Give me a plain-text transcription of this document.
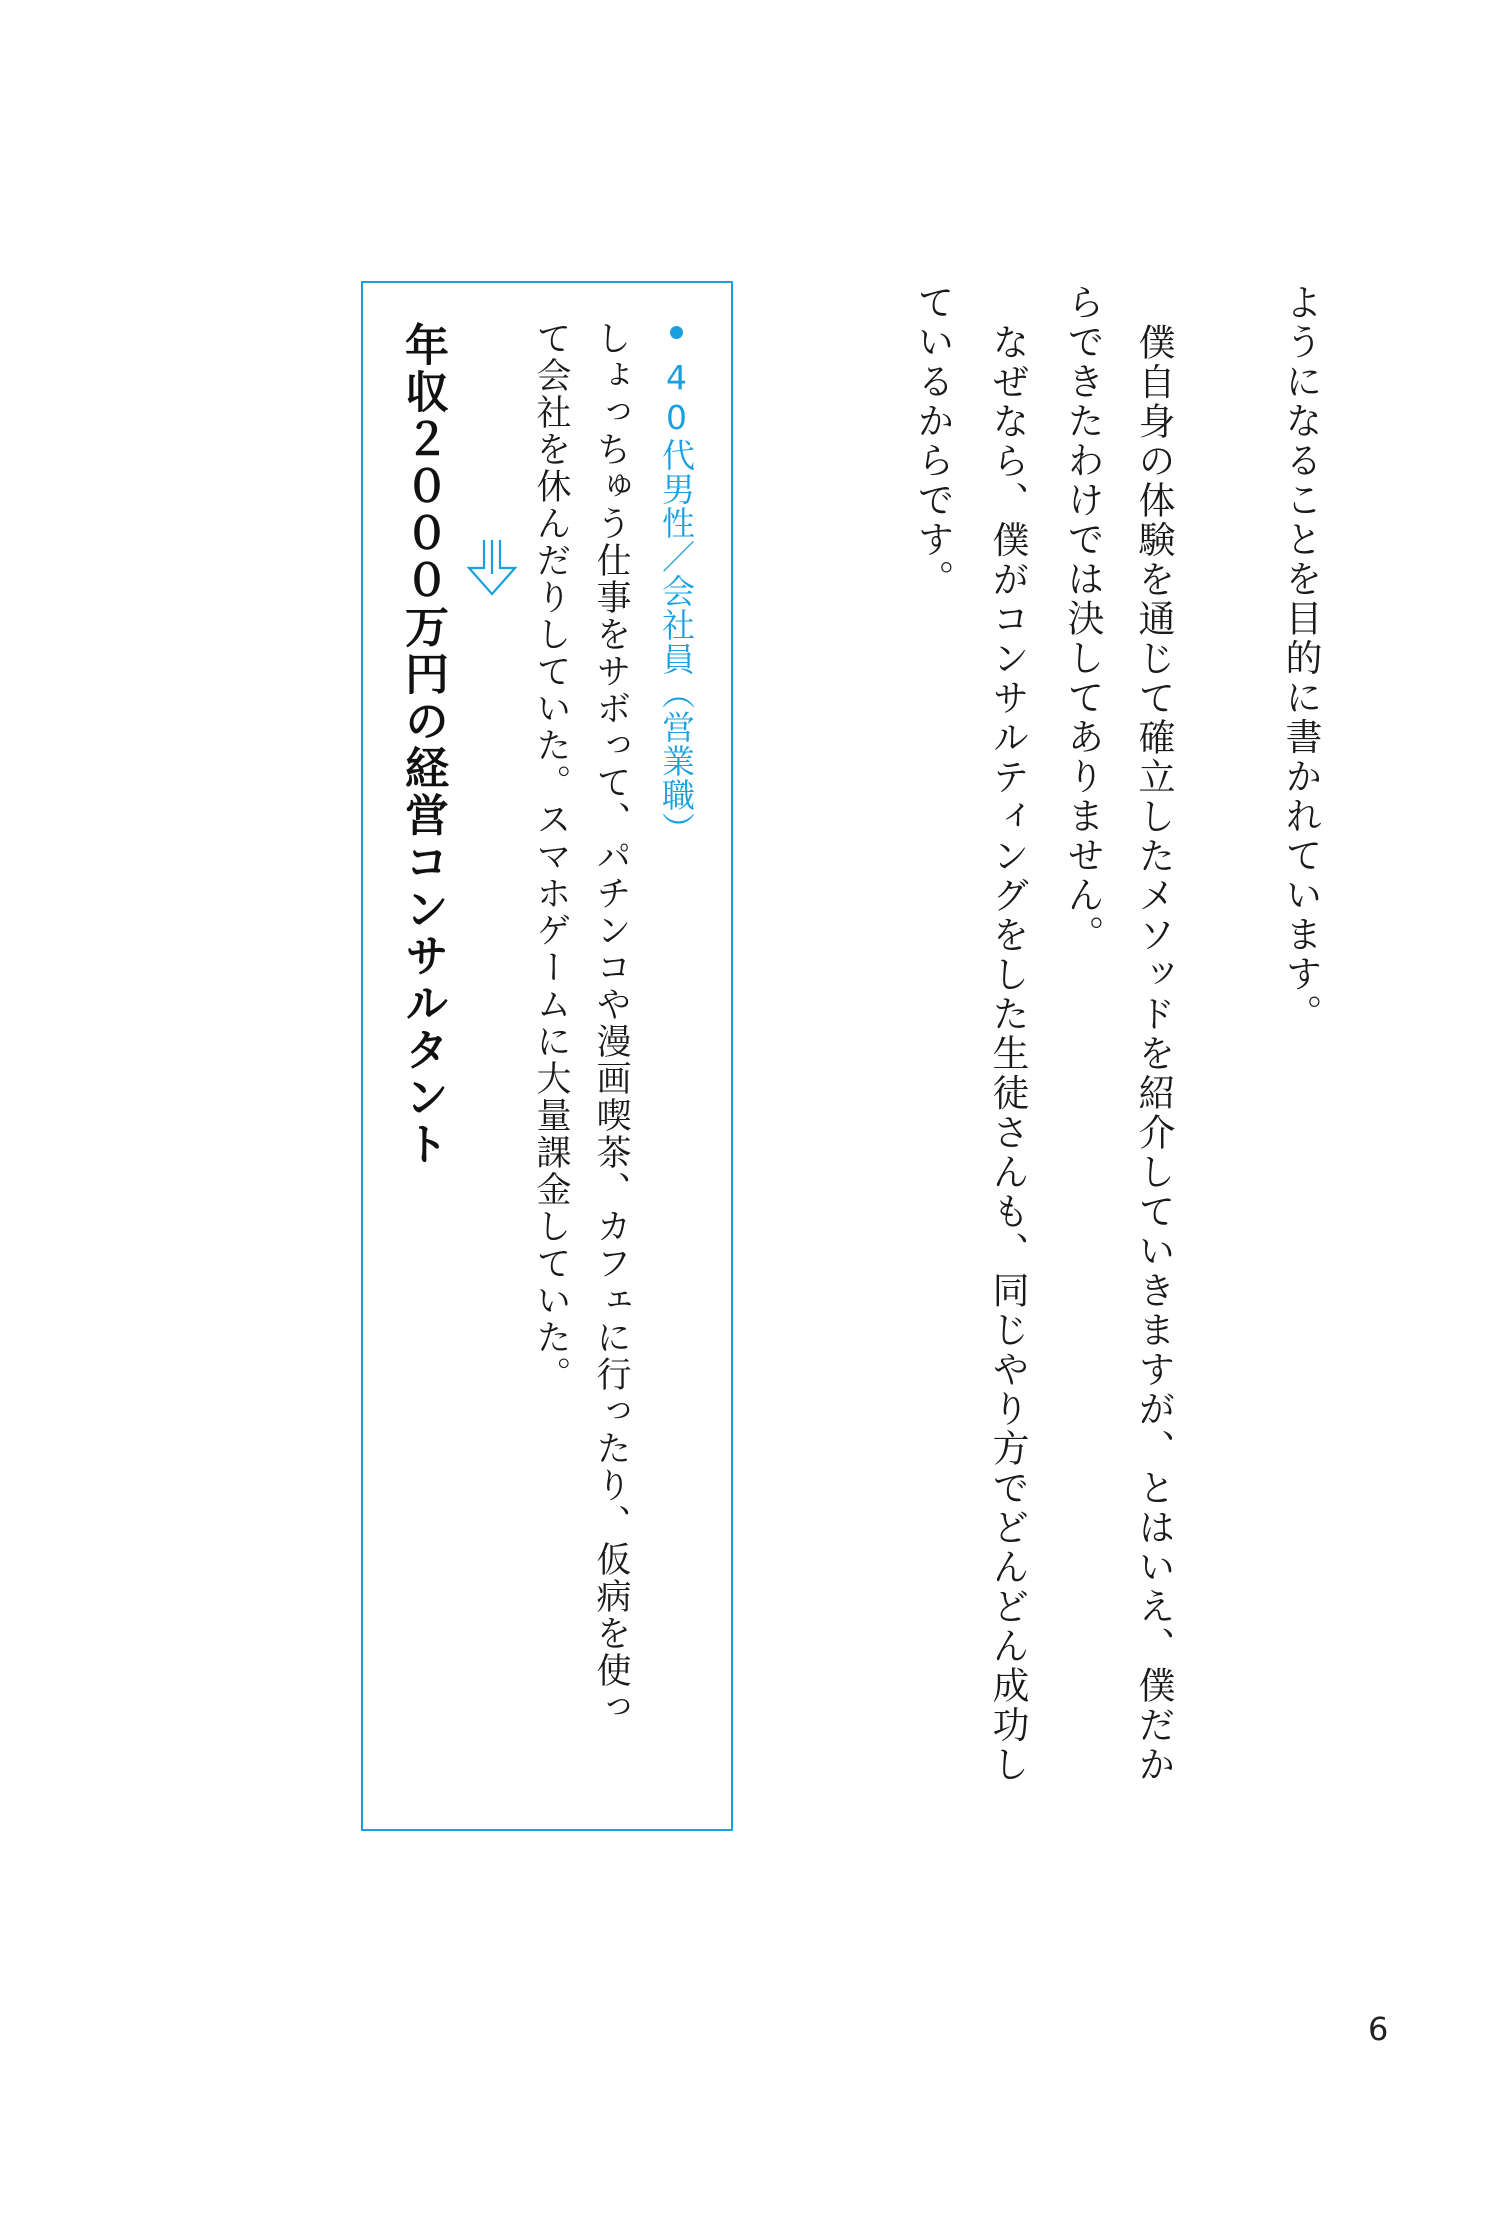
ようになることを目的に書かれています。
僕自身の体験を通じて確立したメソッドを紹介していきますが、とはいえ、僕だか
らできたわけでは決してありません。
なぜなら、僕がコンサルティングをした生徒さんも、同じやり方でどんどん成功し
ているからです。
40代男性／会社員（営業職）
しょっちゅう仕事をサボって、パチンコや漫画喫茶、カフェに行ったり、仮病を使っ
て会社を休んだりしていた。スマホゲームに大量課金していた。
年収２０００万円の経営コンサルタント
6
